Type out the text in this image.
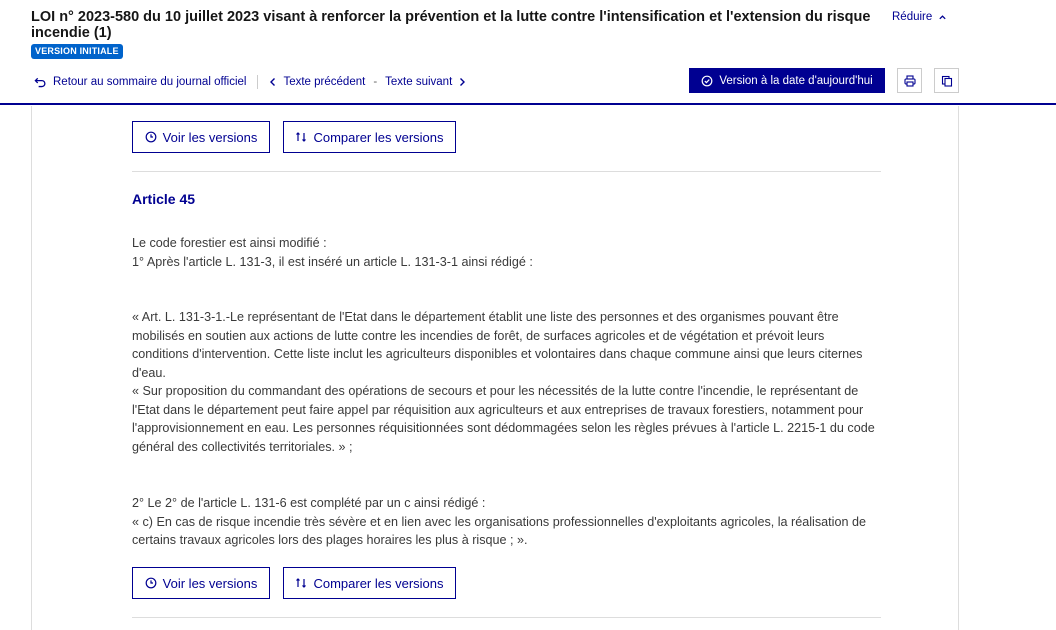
LOI n° 2023-580 du 10 juillet 2023 visant à renforcer la prévention et la lutte contre l'intensification et l'extension du risque incendie (1)
VERSION INITIALE
Réduire
Retour au sommaire du journal officiel	Texte précédent - Texte suivant	Version à la date d'aujourd'hui
Voir les versions	Comparer les versions
Article 45
Le code forestier est ainsi modifié :
1° Après l'article L. 131-3, il est inséré un article L. 131-3-1 ainsi rédigé :
« Art. L. 131-3-1.-Le représentant de l'Etat dans le département établit une liste des personnes et des organismes pouvant être mobilisés en soutien aux actions de lutte contre les incendies de forêt, de surfaces agricoles et de végétation et prévoit leurs conditions d'intervention. Cette liste inclut les agriculteurs disponibles et volontaires dans chaque commune ainsi que leurs citernes d'eau.
« Sur proposition du commandant des opérations de secours et pour les nécessités de la lutte contre l'incendie, le représentant de l'Etat dans le département peut faire appel par réquisition aux agriculteurs et aux entreprises de travaux forestiers, notamment pour l'approvisionnement en eau. Les personnes réquisitionnées sont dédommagées selon les règles prévues à l'article L. 2215-1 du code général des collectivités territoriales. » ;
2° Le 2° de l'article L. 131-6 est complété par un c ainsi rédigé :
« c) En cas de risque incendie très sévère et en lien avec les organisations professionnelles d'exploitants agricoles, la réalisation de certains travaux agricoles lors des plages horaires les plus à risque ; ».
Voir les versions	Comparer les versions
